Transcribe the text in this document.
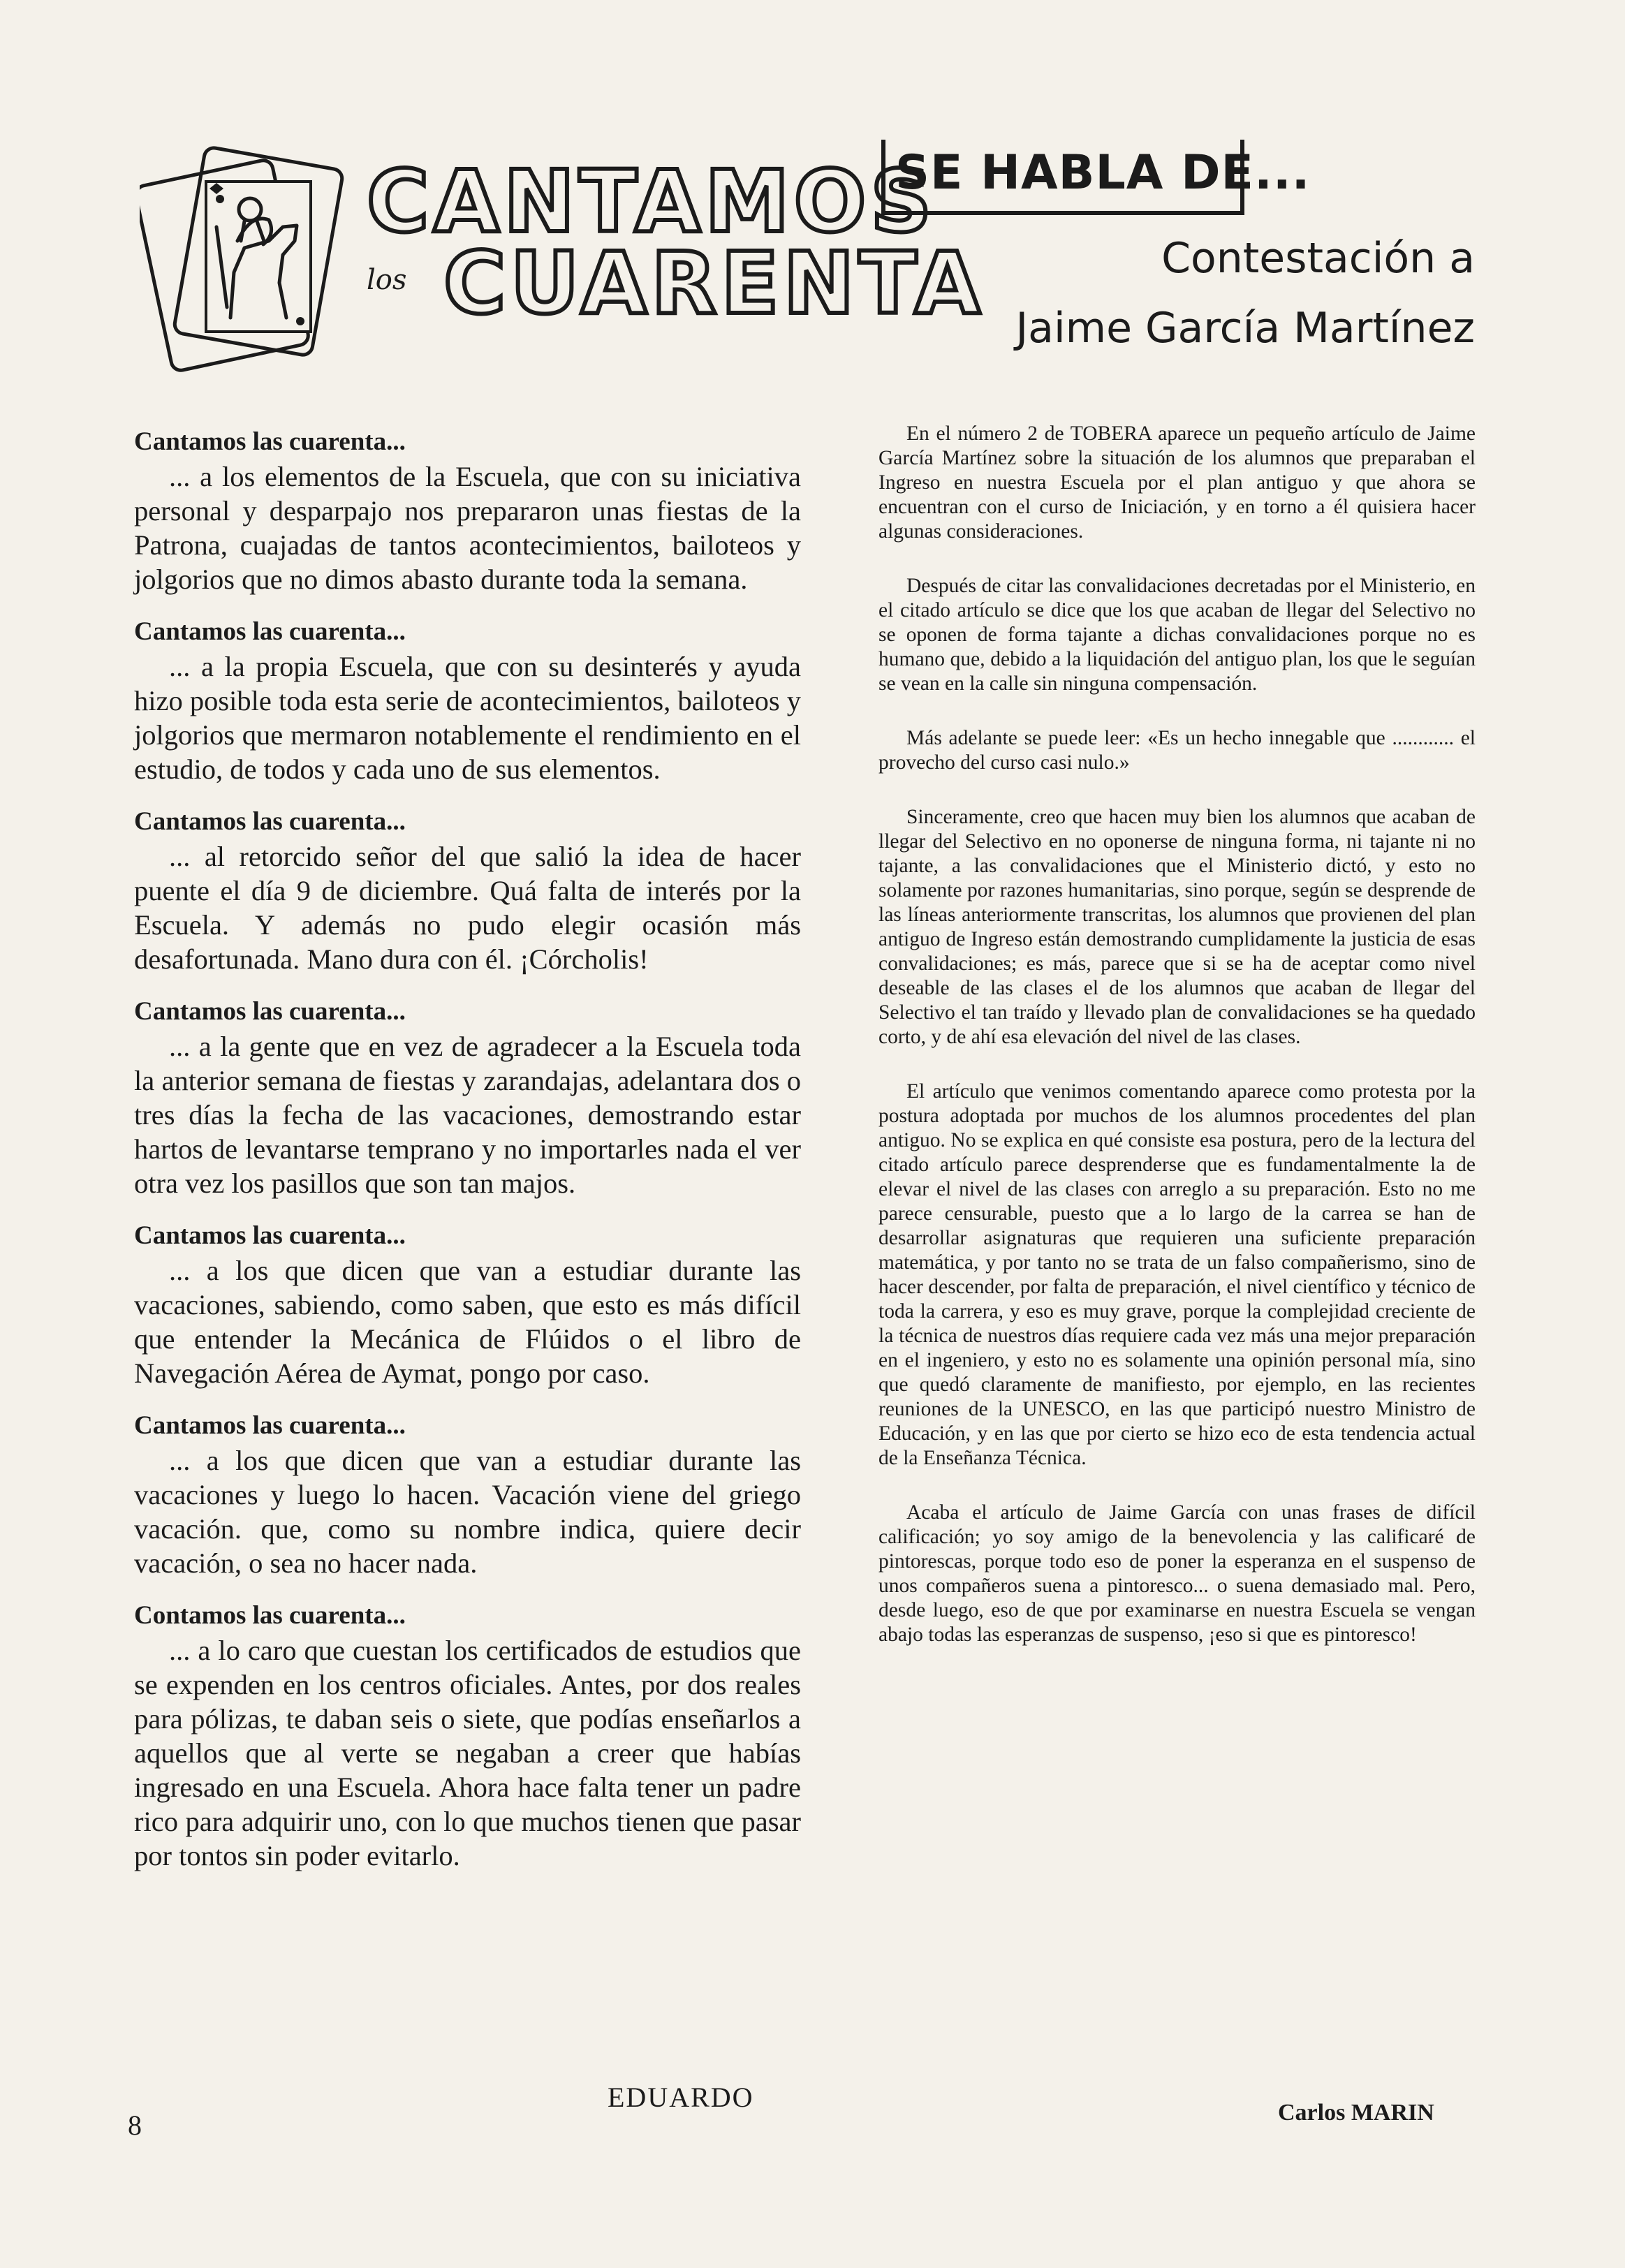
CANTAMOS
los CUARENTA
SE HABLA DE...
Contestación a
Jaime García Martínez
Cantamos las cuarenta...

... a los elementos de la Escuela, que con su iniciativa personal y desparpajo nos prepararon unas fiestas de la Patrona, cuajadas de tantos acontecimientos, bailoteos y jolgorios que no dimos abasto durante toda la semana.

Cantamos las cuarenta...

... a la propia Escuela, que con su desinterés y ayuda hizo posible toda esta serie de acontecimientos, bailoteos y jolgorios que mermaron notablemente el rendimiento en el estudio, de todos y cada uno de sus elementos.

Cantamos las cuarenta...

... al retorcido señor del que salió la idea de hacer puente el día 9 de diciembre. Quá falta de interés por la Escuela. Y además no pudo elegir ocasión más desafortunada. Mano dura con él. ¡Córcholis!

Cantamos las cuarenta...

... a la gente que en vez de agradecer a la Escuela toda la anterior semana de fiestas y zarandajas, adelantara dos o tres días la fecha de las vacaciones, demostrando estar hartos de levantarse temprano y no importarles nada el ver otra vez los pasillos que son tan majos.

Cantamos las cuarenta...

... a los que dicen que van a estudiar durante las vacaciones, sabiendo, como saben, que esto es más difícil que entender la Mecánica de Flúidos o el libro de Navegación Aérea de Aymat, pongo por caso.

Cantamos las cuarenta...

... a los que dicen que van a estudiar durante las vacaciones y luego lo hacen. Vacación viene del griego vacación. que, como su nombre indica, quiere decir vacación, o sea no hacer nada.

Contamos las cuarenta...

... a lo caro que cuestan los certificados de estudios que se expenden en los centros oficiales. Antes, por dos reales para pólizas, te daban seis o siete, que podías enseñarlos a aquellos que al verte se negaban a creer que habías ingresado en una Escuela. Ahora hace falta tener un padre rico para adquirir uno, con lo que muchos tienen que pasar por tontos sin poder evitarlo.

EDUARDO
8

En el número 2 de TOBERA aparece un pequeño artículo de Jaime García Martínez sobre la situación de los alumnos que preparaban el Ingreso en nuestra Escuela por el plan antiguo y que ahora se encuentran con el curso de Iniciación, y en torno a él quisiera hacer algunas consideraciones.

Después de citar las convalidaciones decretadas por el Ministerio, en el citado artículo se dice que los que acaban de llegar del Selectivo no se oponen de forma tajante a dichas convalidaciones porque no es humano que, debido a la liquidación del antiguo plan, los que le seguían se vean en la calle sin ninguna compensación.

Más adelante se puede leer: «Es un hecho innegable que ............ el provecho del curso casi nulo.»

Sinceramente, creo que hacen muy bien los alumnos que acaban de llegar del Selectivo en no oponerse de ninguna forma, ni tajante ni no tajante, a las convalidaciones que el Ministerio dictó, y esto no solamente por razones humanitarias, sino porque, según se desprende de las líneas anteriormente transcritas, los alumnos que provienen del plan antiguo de Ingreso están demostrando cumplidamente la justicia de esas convalidaciones; es más, parece que si se ha de aceptar como nivel deseable de las clases el de los alumnos que acaban de llegar del Selectivo el tan traído y llevado plan de convalidaciones se ha quedado corto, y de ahí esa elevación del nivel de las clases.

El artículo que venimos comentando aparece como protesta por la postura adoptada por muchos de los alumnos procedentes del plan antiguo. No se explica en qué consiste esa postura, pero de la lectura del citado artículo parece desprenderse que es fundamentalmente la de elevar el nivel de las clases con arreglo a su preparación. Esto no me parece censurable, puesto que a lo largo de la carrea se han de desarrollar asignaturas que requieren una suficiente preparación matemática, y por tanto no se trata de un falso compañerismo, sino de hacer descender, por falta de preparación, el nivel científico y técnico de toda la carrera, y eso es muy grave, porque la complejidad creciente de la técnica de nuestros días requiere cada vez más una mejor preparación en el ingeniero, y esto no es solamente una opinión personal mía, sino que quedó claramente de manifiesto, por ejemplo, en las recientes reuniones de la UNESCO, en las que participó nuestro Ministro de Educación, y en las que por cierto se hizo eco de esta tendencia actual de la Enseñanza Técnica.

Acaba el artículo de Jaime García con unas frases de difícil calificación; yo soy amigo de la benevolencia y las calificaré de pintorescas, porque todo eso de poner la esperanza en el suspenso de unos compañeros suena a pintoresco... o suena demasiado mal. Pero, desde luego, eso de que por examinarse en nuestra Escuela se vengan abajo todas las esperanzas de suspenso, ¡eso si que es pintoresco!

Carlos MARIN
